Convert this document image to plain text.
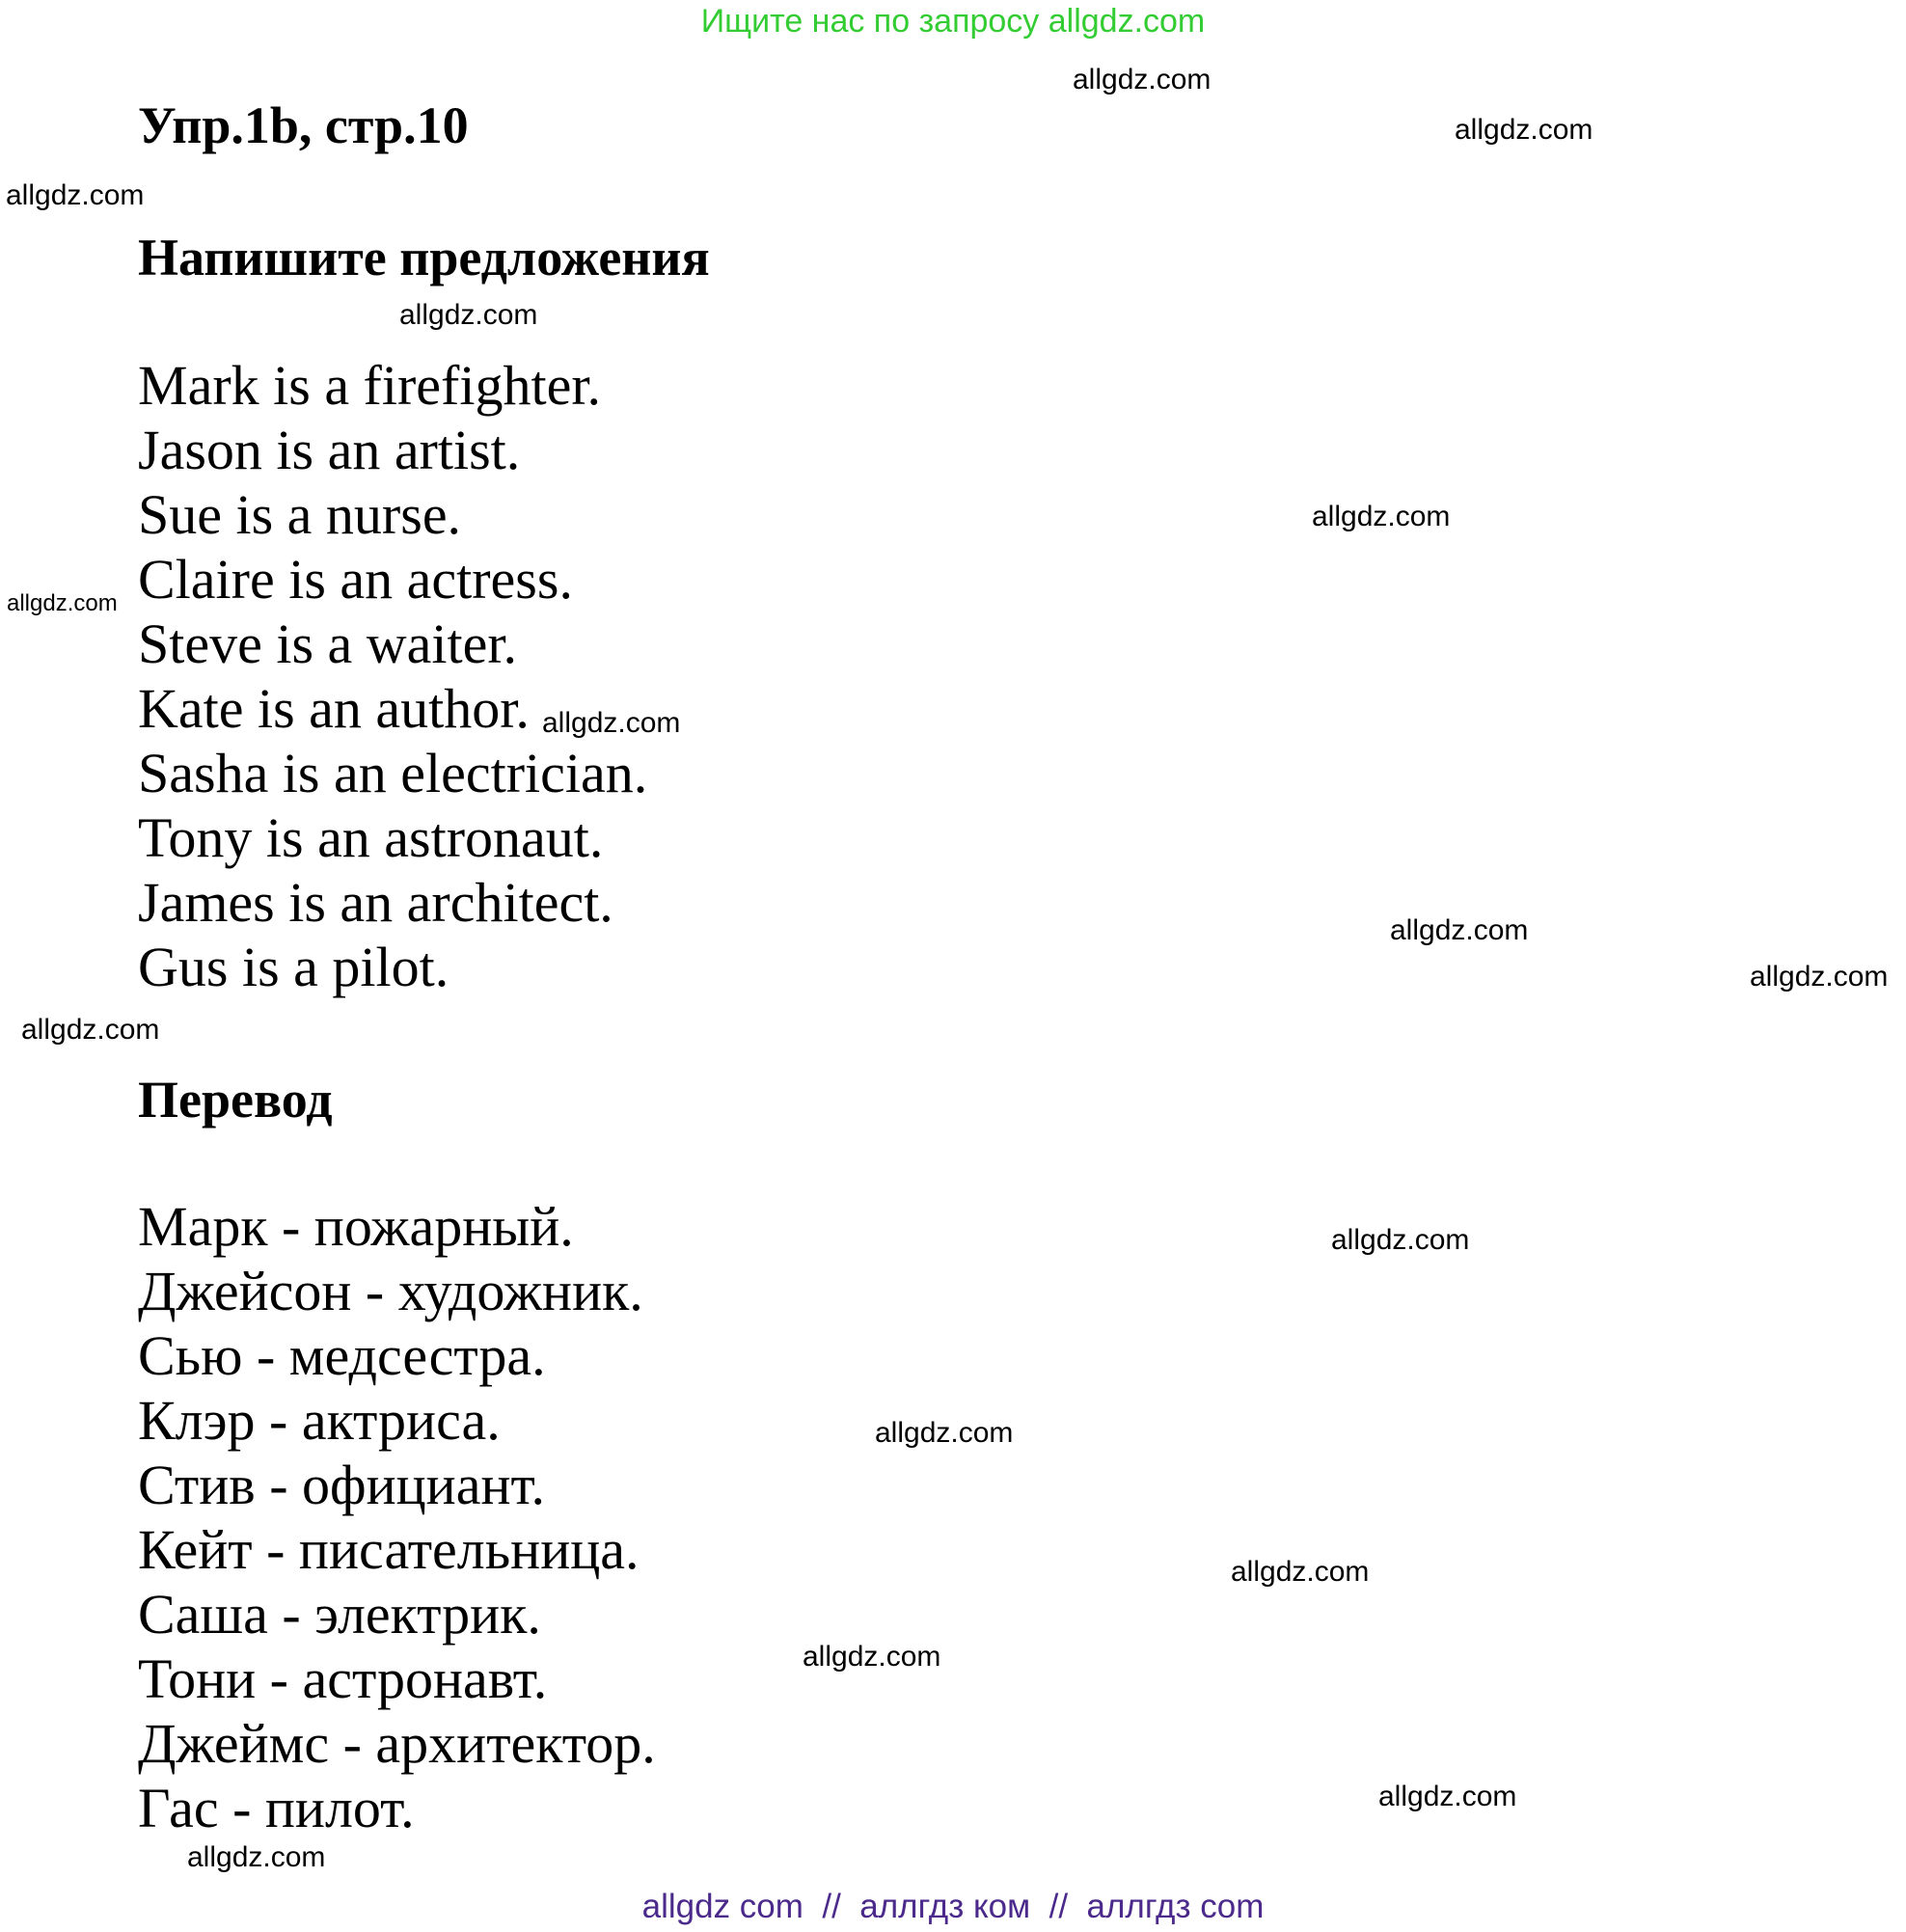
Ищите нас по запросу allgdz.com
Упр.1b, стр.10
Напишите предложения
Mark is a firefighter.
Jason is an artist.
Sue is a nurse.
Claire is an actress.
Steve is a waiter.
Kate is an author.
Sasha is an electrician.
Tony is an astronaut.
James is an architect.
Gus is a pilot.
Перевод
Марк - пожарный.
Джейсон - художник.
Сью - медсестра.
Клэр - актриса.
Стив - официант.
Кейт - писательница.
Саша - электрик.
Тони - астронавт.
Джеймс - архитектор.
Гас - пилот.
allgdz.com
allgdz.com
allgdz.com
allgdz.com
allgdz.com
allgdz.com
allgdz.com
allgdz.com
allgdz.com
allgdz.com
allgdz.com
allgdz.com
allgdz.com
allgdz.com
allgdz.com
allgdz.com
allgdz com  //  аллгдз ком  //  аллгдз com
